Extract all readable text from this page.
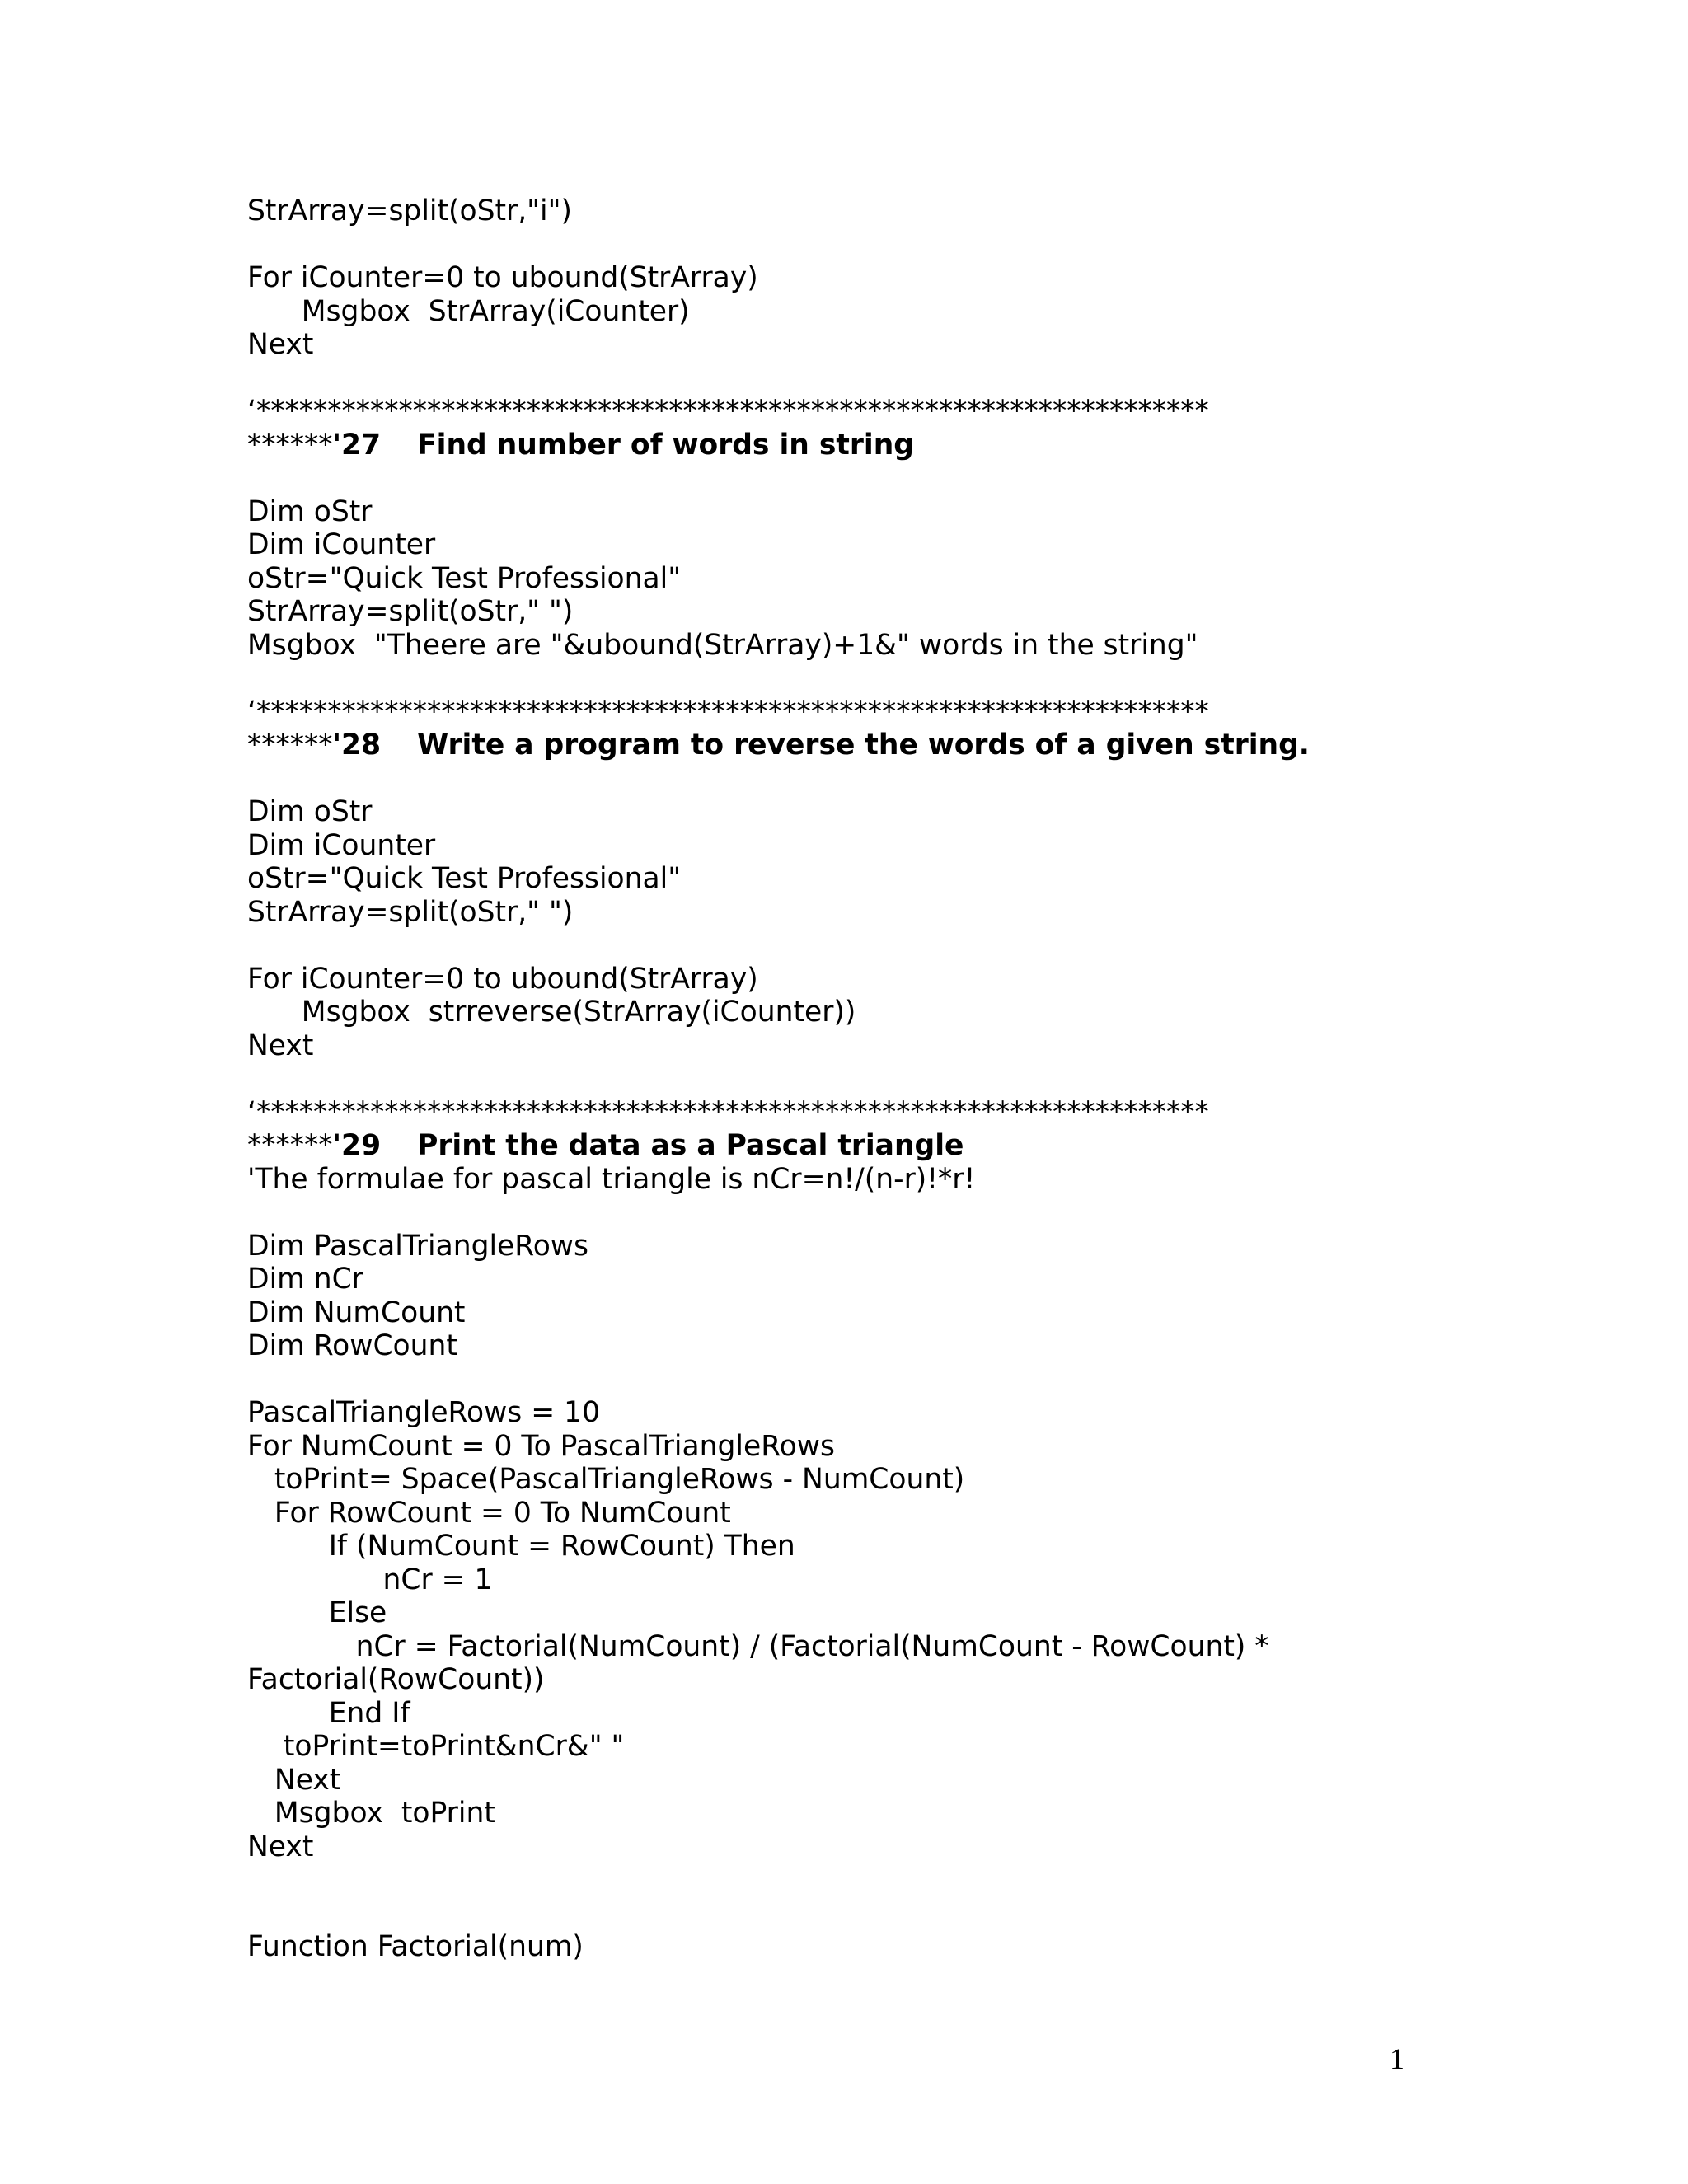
StrArray=split(oStr,"i")
For iCounter=0 to ubound(StrArray)
Msgbox  StrArray(iCounter)
Next
‘*******************************************************************
******'27 Find number of words in string
Dim oStr
Dim iCounter
oStr="Quick Test Professional"
StrArray=split(oStr," ")
Msgbox  "Theere are "&ubound(StrArray)+1&" words in the string"
‘*******************************************************************
******'28 Write a program to reverse the words of a given string.
Dim oStr
Dim iCounter
oStr="Quick Test Professional"
StrArray=split(oStr," ")
For iCounter=0 to ubound(StrArray)
Msgbox  strreverse(StrArray(iCounter))
Next
‘*******************************************************************
******'29 Print the data as a Pascal triangle
'The formulae for pascal triangle is nCr=n!/(n-r)!*r!
Dim PascalTriangleRows
Dim nCr
Dim NumCount
Dim RowCount
PascalTriangleRows = 10
For NumCount = 0 To PascalTriangleRows
toPrint= Space(PascalTriangleRows - NumCount)
For RowCount = 0 To NumCount
If (NumCount = RowCount) Then
nCr = 1
Else
nCr = Factorial(NumCount) / (Factorial(NumCount - RowCount) *
Factorial(RowCount))
End If
toPrint=toPrint&nCr&" "
Next
Msgbox  toPrint
Next
Function Factorial(num)
1
